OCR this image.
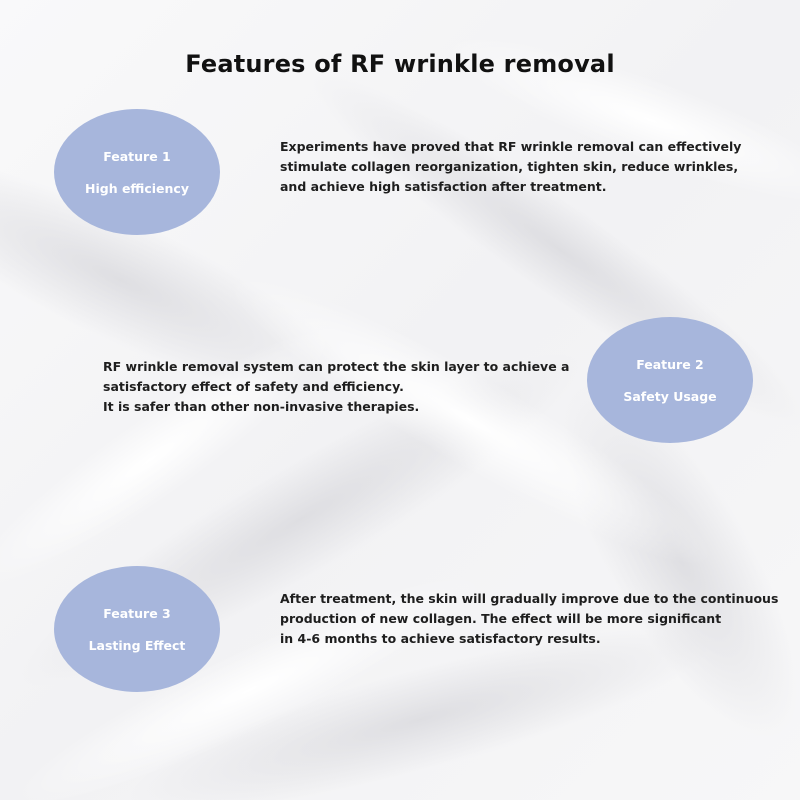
Features of RF wrinkle removal
Feature 1
High efficiency
Experiments have proved that RF wrinkle removal can effectively
stimulate collagen reorganization, tighten skin, reduce wrinkles,
and achieve high satisfaction after treatment.
RF wrinkle removal system can protect the skin layer to achieve a
satisfactory effect of safety and efficiency.
It is safer than other non-invasive therapies.
Feature 2
Safety Usage
Feature 3
Lasting Effect
After treatment, the skin will gradually improve due to the continuous
production of new collagen. The effect will be more significant
in 4-6 months to achieve satisfactory results.
